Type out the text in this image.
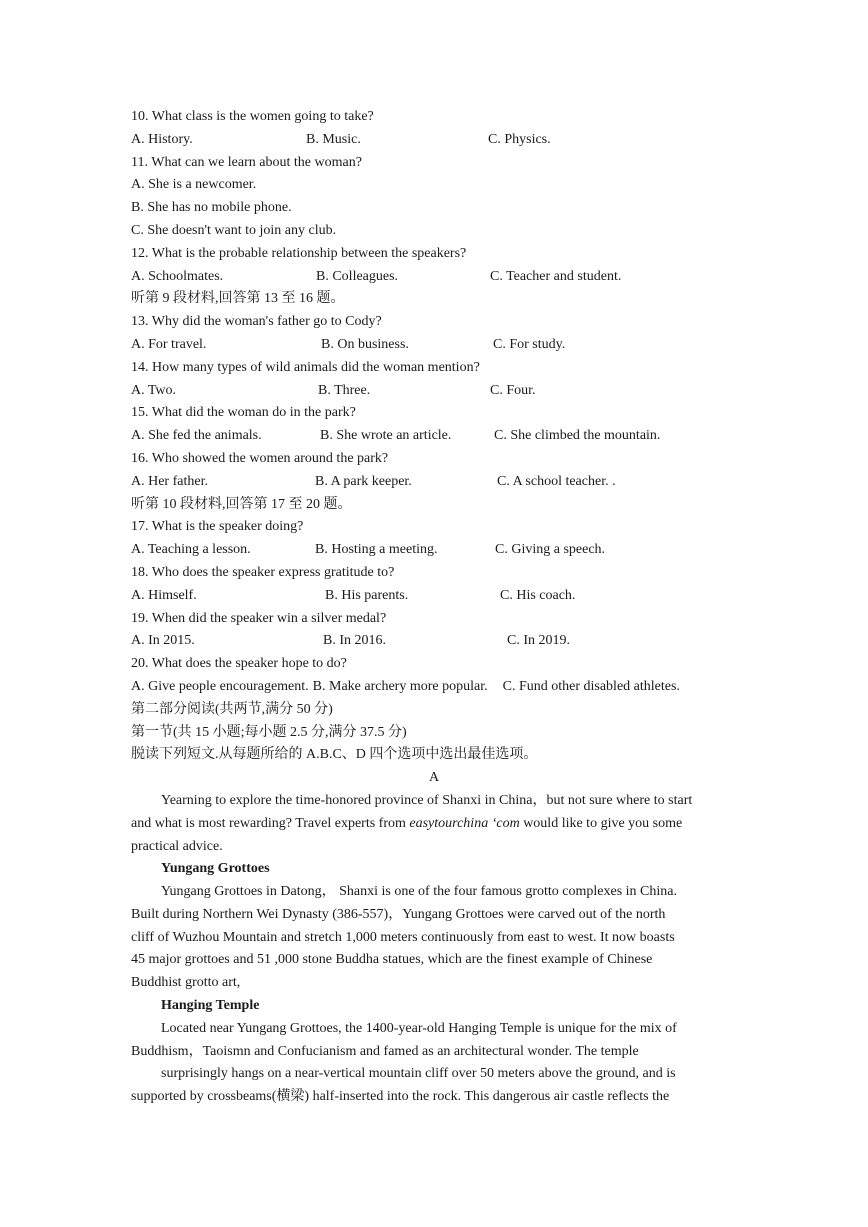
10. What class is the women going to take?
A. History.	B. Music.	C. Physics.
11. What can we learn about the woman?
A. She is a newcomer.
B. She has no mobile phone.
C. She doesn't want to join any club.
12. What is the probable relationship between the speakers?
A. Schoolmates.	B. Colleagues.	C. Teacher and student.
听第 9 段材料,回答第 13 至 16 题。
13. Why did the woman's father go to Cody?
A. For travel.	B. On business.	C. For study.
14. How many types of wild animals did the woman mention?
A. Two.	B. Three.	C. Four.
15. What did the woman do in the park?
A. She fed the animals.	B. She wrote an article.	C. She climbed the mountain.
16. Who showed the women around the park?
A. Her father.	B. A park keeper.	C. A school teacher. .
听第 10 段材料,回答第 17 至 20 题。
17. What is the speaker doing?
A. Teaching a lesson.	B. Hosting a meeting.	C. Giving a speech.
18. Who does the speaker express gratitude to?
A. Himself.	B. His parents.	C. His coach.
19. When did the speaker win a silver medal?
A. In 2015.	B. In 2016.	C. In 2019.
20. What does the speaker hope to do?
A. Give people encouragement. B. Make archery more popular. C. Fund other disabled athletes.
第二部分阅读(共两节,满分 50 分)
第一节(共 15 小题;每小题 2.5 分,满分 37.5 分)
脱读下列短文.从每题所给的 A.B.C、D 四个选项中选出最佳选项。
A
Yearning to explore the time-honored province of Shanxi in China，but not sure where to start
and what is most rewarding? Travel experts from easytourchina ‘com would like to give you some
practical advice.
Yungang Grottoes
Yungang Grottoes in Datong， Shanxi is one of the four famous grotto complexes in China.
Built during Northern Wei Dynasty (386-557)，Yungang Grottoes were carved out of the north
cliff of Wuzhou Mountain and stretch 1,000 meters continuously from east to west. It now boasts
45 major grottoes and 51 ,000 stone Buddha statues, which are the finest example of Chinese
Buddhist grotto art,
Hanging Temple
Located near Yungang Grottoes, the 1400-year-old Hanging Temple is unique for the mix of
Buddhism，Taoismn and Confucianism and famed as an architectural wonder. The temple
surprisingly hangs on a near-vertical mountain cliff over 50 meters above the ground, and is
supported by crossbeams(横梁) half-inserted into the rock. This dangerous air castle reflects the
